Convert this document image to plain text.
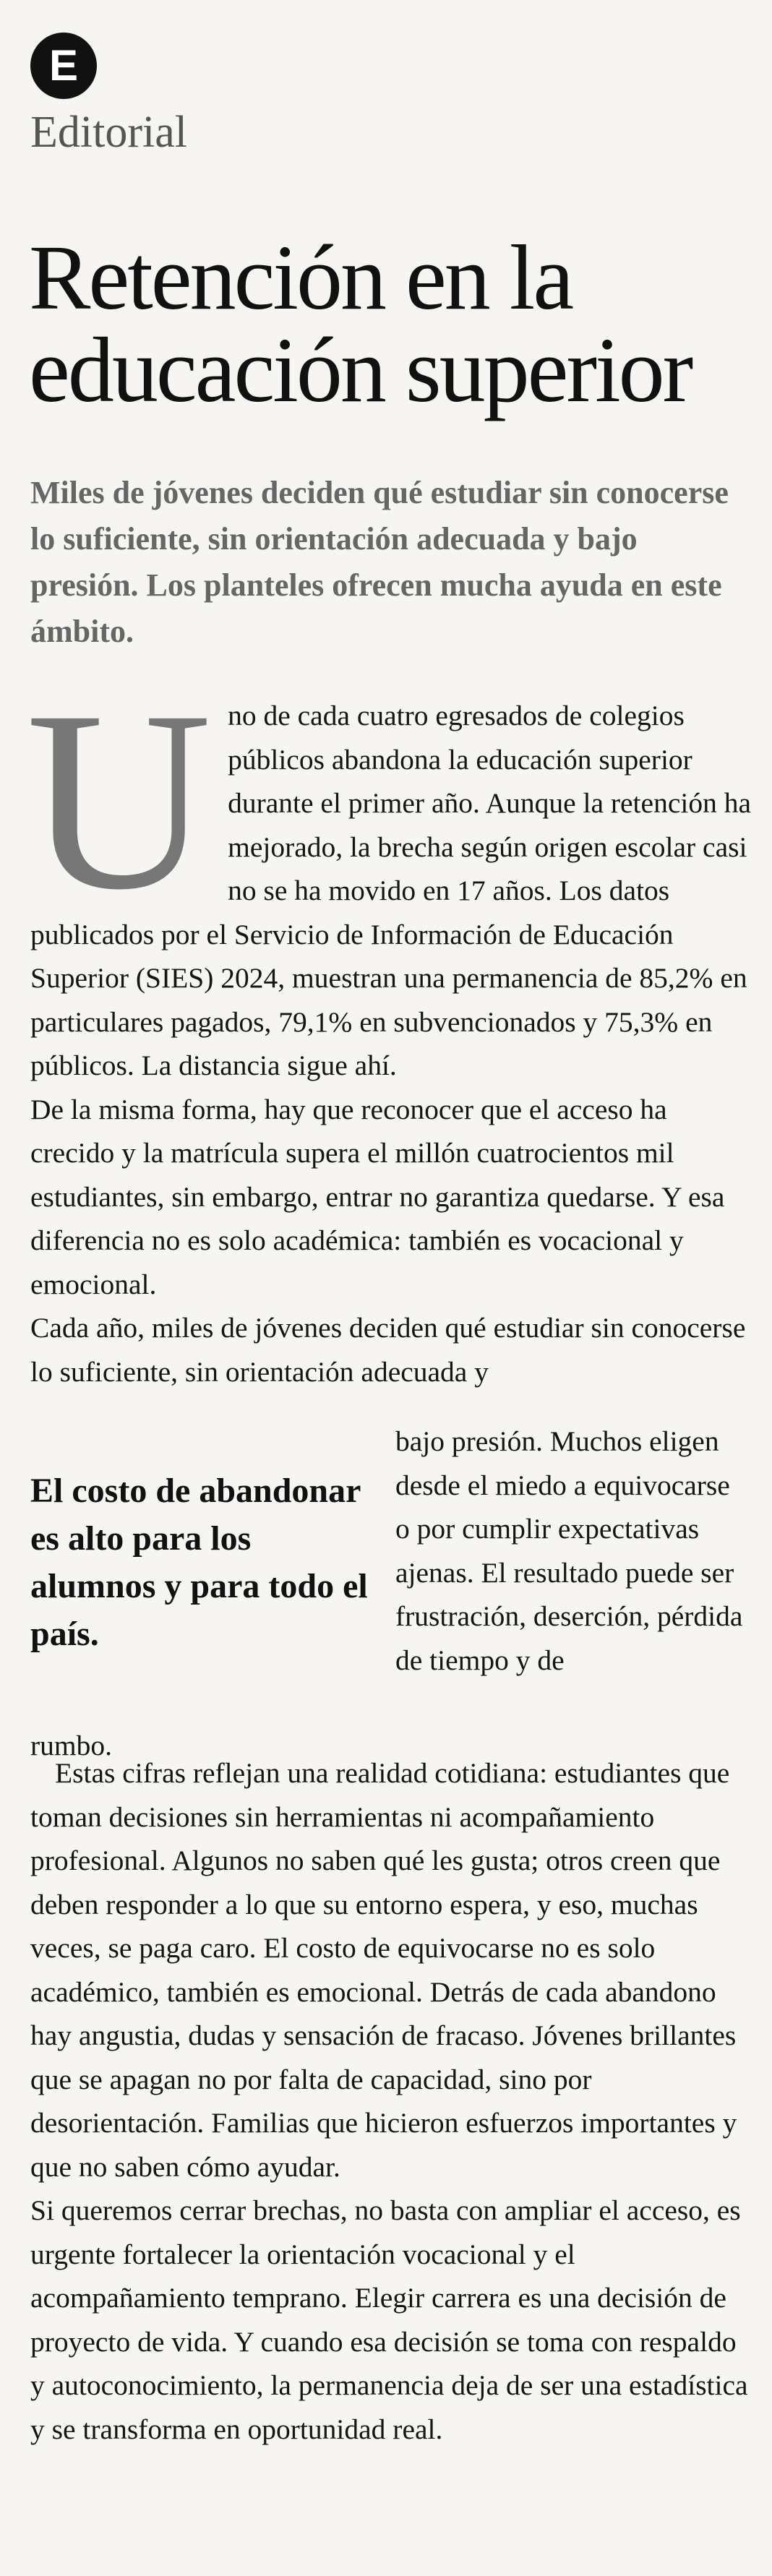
E
Editorial
Retención en la educación superior

Miles de jóvenes deciden qué estudiar sin conocerse lo suficiente, sin orientación adecuada y bajo presión. Los planteles ofrecen mucha ayuda en este ámbito.

Uno de cada cuatro egresados de colegios públicos abandona la educación superior durante el primer año. Aunque la retención ha mejorado, la brecha según origen escolar casi no se ha movido en 17 años. Los datos publicados por el Servicio de Información de Educación Superior (SIES) 2024, muestran una permanencia de 85,2% en particulares pagados, 79,1% en subvencionados y 75,3% en públicos. La distancia sigue ahí.

De la misma forma, hay que reconocer que el acceso ha crecido y la matrícula supera el millón cuatrocientos mil estudiantes, sin embargo, entrar no garantiza quedarse. Y esa diferencia no es solo académica: también es vocacional y emocional.

Cada año, miles de jóvenes deciden qué estudiar sin conocerse lo suficiente, sin orientación adecuada y

El costo de abandonar es alto para los alumnos y para todo el país.

bajo presión. Muchos eligen desde el miedo a equivocarse o por cumplir expectativas ajenas. El resultado puede ser frustración, deserción, pérdida de tiempo y de

rumbo.

Estas cifras reflejan una realidad cotidiana: estudiantes que toman decisiones sin herramientas ni acompañamiento profesional. Algunos no saben qué les gusta; otros creen que deben responder a lo que su entorno espera, y eso, muchas veces, se paga caro. El costo de equivocarse no es solo académico, también es emocional. Detrás de cada abandono hay angustia, dudas y sensación de fracaso. Jóvenes brillantes que se apagan no por falta de capacidad, sino por desorientación. Familias que hicieron esfuerzos importantes y que no saben cómo ayudar.

Si queremos cerrar brechas, no basta con ampliar el acceso, es urgente fortalecer la orientación vocacional y el acompañamiento temprano. Elegir carrera es una decisión de proyecto de vida. Y cuando esa decisión se toma con respaldo y autoconocimiento, la permanencia deja de ser una estadística y se transforma en oportunidad real.
